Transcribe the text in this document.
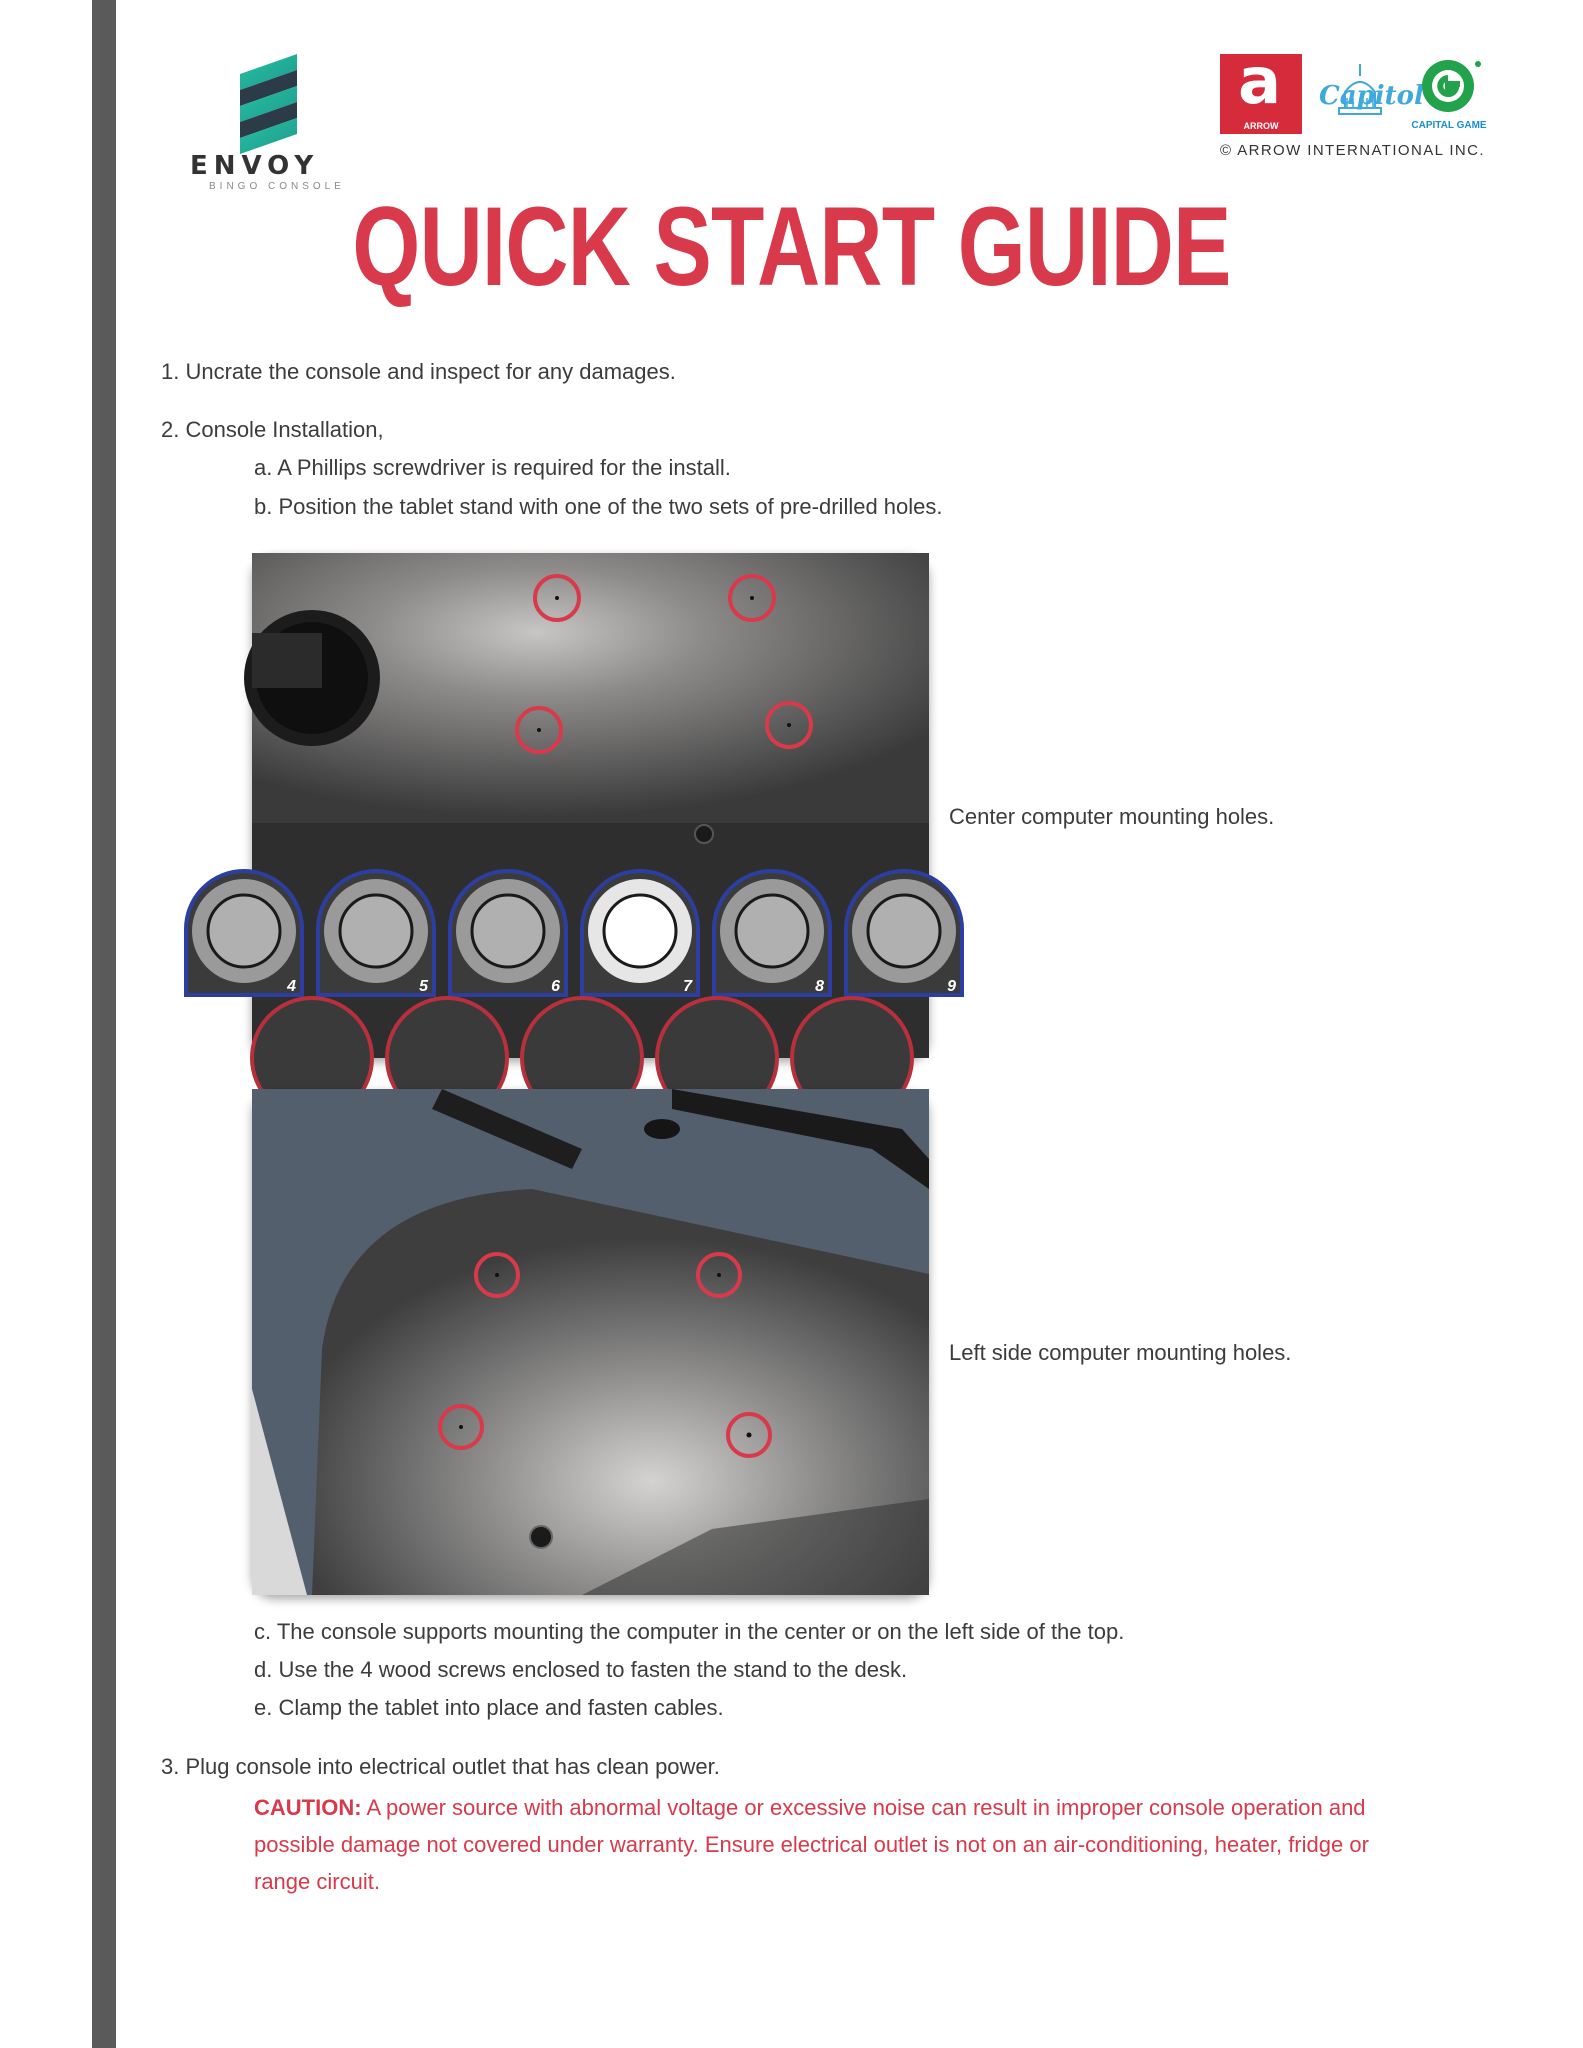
ENVOY
BINGO CONSOLE
a
ARROW
Capitol
CAPITAL GAME
© ARROW INTERNATIONAL INC.
QUICK START GUIDE
1. Uncrate the console and inspect for any damages.
2. Console Installation,
a. A Phillips screwdriver is required for the install.
b. Position the tablet stand with one of the two sets of pre-drilled holes.
4	5	6	7	8	9
Center computer mounting holes.
Left side computer mounting holes.
c. The console supports mounting the computer in the center or on the left side of the top.
d. Use the 4 wood screws enclosed to fasten the stand to the desk.
e. Clamp the tablet into place and fasten cables.
3. Plug console into electrical outlet that has clean power.
CAUTION: A power source with abnormal voltage or excessive noise can result in improper console operation and possible damage not covered under warranty. Ensure electrical outlet is not on an air-conditioning, heater, fridge or range circuit.
